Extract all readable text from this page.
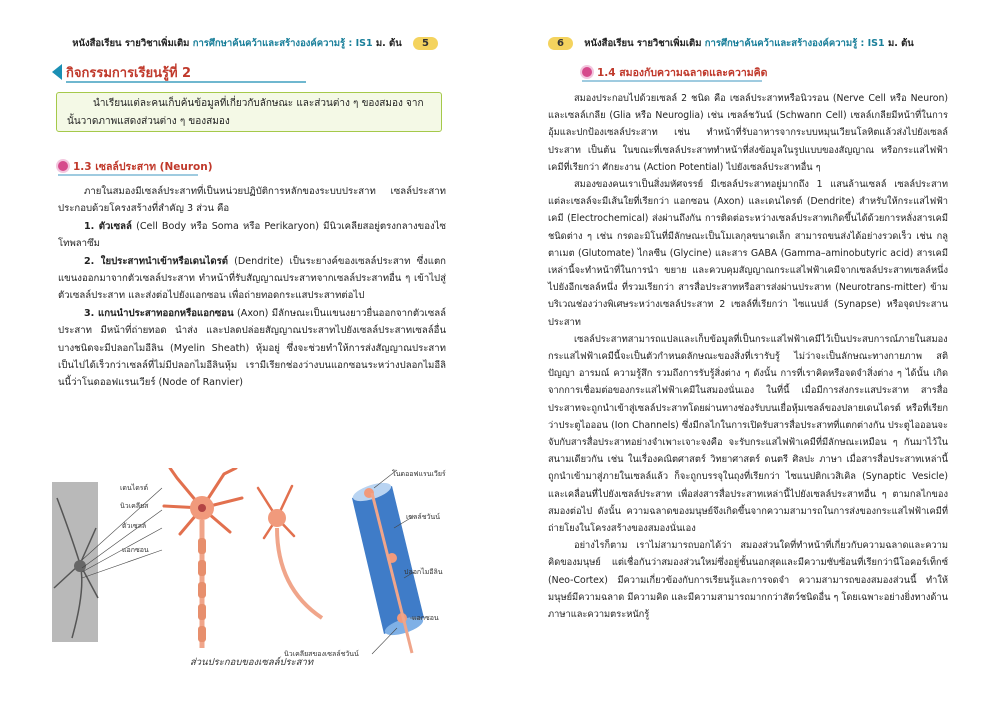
หนังสือเรียน รายวิชาเพิ่มเติม การศึกษาค้นคว้าและสร้างองค์ความรู้ : IS1 ม. ต้น 5
กิจกรรมการเรียนรู้ที่ 2

นำเรียนแต่ละคนเก็บค้นข้อมูลที่เกี่ยวกับลักษณะ และส่วนต่าง ๆ ของสมอง จากนั้นวาดภาพแสดงส่วนต่าง ๆ ของสมอง

1.3 เซลล์ประสาท (Neuron)

ภายในสมองมีเซลล์ประสาทที่เป็นหน่วยปฏิบัติการหลักของระบบประสาท เซลล์ประสาทประกอบด้วยโครงสร้างที่สำคัญ 3 ส่วน คือ

1. ตัวเซลล์ (Cell Body หรือ Soma หรือ Perikaryon) มีนิวเคลียสอยู่ตรงกลางของไซโทพลาซึม

2. ใยประสาทนำเข้าหรือเดนไดรต์ (Dendrite) เป็นระยางค์ของเซลล์ประสาท ซึ่งแตกแขนงออกมาจากตัวเซลล์ประสาท ทำหน้าที่รับสัญญาณประสาทจากเซลล์ประสาทอื่น ๆ เข้าไปสู่ตัวเซลล์ประสาท และส่งต่อไปยังแอกซอน เพื่อถ่ายทอดกระแสประสาทต่อไป

3. แกนนำประสาทออกหรือแอกซอน (Axon) มีลักษณะเป็นแขนงยาวยื่นออกจากตัวเซลล์ประสาท มีหน้าที่ถ่ายทอด นำส่ง และปลดปล่อยสัญญาณประสาทไปยังเซลล์ประสาทเซลล์อื่น บางชนิดจะมีปลอกไมอีลิน (Myelin Sheath) หุ้มอยู่ ซึ่งจะช่วยทำให้การส่งสัญญาณประสาทเป็นไปได้เร็วกว่าเซลล์ที่ไม่มีปลอกไมอีลินหุ้ม เรามีเรียกช่องว่างบนแอกซอนระหว่างปลอกไมอีลินนี้ว่าโนดออฟแรนเวียร์ (Node of Ranvier)

เดนไดรต์
นิวเคลียส
ตัวเซลล์
แอกซอน
โนดออฟแรนเวียร์
เซลล์ชวันน์
ปลอกไมอีลิน
แอกซอน
นิวเคลียสของเซลล์ชวันน์
ส่วนประกอบของเซลล์ประสาท
6 หนังสือเรียน รายวิชาเพิ่มเติม การศึกษาค้นคว้าและสร้างองค์ความรู้ : IS1 ม. ต้น
1.4 สมองกับความฉลาดและความคิด

สมองประกอบไปด้วยเซลล์ 2 ชนิด คือ เซลล์ประสาทหรือนิวรอน (Nerve Cell หรือ Neuron) และเซลล์เกลีย (Glia หรือ Neuroglia) เช่น เซลล์ชวันน์ (Schwann Cell) เซลล์เกลียมีหน้าที่ในการอุ้มและปกป้องเซลล์ประสาท เช่น ทำหน้าที่รับอาหารจากระบบหมุนเวียนโลหิตแล้วส่งไปยังเซลล์ประสาท เป็นต้น ในขณะที่เซลล์ประสาททำหน้าที่ส่งข้อมูลในรูปแบบของสัญญาณ หรือกระแสไฟฟ้าเคมีที่เรียกว่า ศักยะงาน (Action Potential) ไปยังเซลล์ประสาทอื่น ๆ

สมองของคนเราเป็นสิ่งมหัศจรรย์ มีเซลล์ประสาทอยู่มากถึง 1 แสนล้านเซลล์ เซลล์ประสาทแต่ละเซลล์จะมีเส้นใยที่เรียกว่า แอกซอน (Axon) และเดนไดรต์ (Dendrite) สำหรับให้กระแสไฟฟ้าเคมี (Electrochemical) ส่งผ่านถึงกัน การติดต่อระหว่างเซลล์ประสาทเกิดขึ้นได้ด้วยการหลั่งสารเคมีชนิดต่าง ๆ เช่น กรดอะมิโนที่มีลักษณะเป็นโมเลกุลขนาดเล็ก สามารถขนส่งได้อย่างรวดเร็ว เช่น กลูตาเมต (Glutomate) ไกลซีน (Glycine) และสาร GABA (Gamma–aminobutyric acid) สารเคมีเหล่านี้จะทำหน้าที่ในการนำ ขยาย และควบคุมสัญญาณกระแสไฟฟ้าเคมีจากเซลล์ประสาทเซลล์หนึ่งไปยังอีกเซลล์หนึ่ง ที่รวมเรียกว่า สารสื่อประสาทหรือสารส่งผ่านประสาท (Neurotrans-mitter) ข้ามบริเวณช่องว่างพิเศษระหว่างเซลล์ประสาท 2 เซลล์ที่เรียกว่า ไซแนปส์ (Synapse) หรือจุดประสานประสาท

เซลล์ประสาทสามารถแปลและเก็บข้อมูลที่เป็นกระแสไฟฟ้าเคมีไว้เป็นประสบการณ์ภายในสมอง กระแสไฟฟ้าเคมีนี้จะเป็นตัวกำหนดลักษณะของสิ่งที่เรารับรู้ ไม่ว่าจะเป็นลักษณะทางกายภาพ สติปัญญา อารมณ์ ความรู้สึก รวมถึงการรับรู้สิ่งต่าง ๆ ดังนั้น การที่เราคิดหรือจดจำสิ่งต่าง ๆ ได้นั้น เกิดจากการเชื่อมต่อของกระแสไฟฟ้าเคมีในสมองนั่นเอง ในที่นี้ เมื่อมีการส่งกระแสประสาท สารสื่อประสาทจะถูกนำเข้าสู่เซลล์ประสาทโดยผ่านทางช่องรับบนเยื่อหุ้มเซลล์ของปลายเดนไดรต์ หรือที่เรียกว่าประตูไอออน (Ion Channels) ซึ่งมีกลไกในการเปิดรับสารสื่อประสาทที่แตกต่างกัน ประตูไอออนจะจับกับสารสื่อประสาทอย่างจำเพาะเจาะจงคือ จะรับกระแสไฟฟ้าเคมีที่มีลักษณะเหมือน ๆ กันมาไว้ในสนามเดียวกัน เช่น ในเรื่องคณิตศาสตร์ วิทยาศาสตร์ ดนตรี ศิลปะ ภาษา เมื่อสารสื่อประสาทเหล่านี้ถูกนำเข้ามาสู่ภายในเซลล์แล้ว ก็จะถูกบรรจุในถุงที่เรียกว่า ไซแนปติกเวสิเคิล (Synaptic Vesicle) และเคลื่อนที่ไปยังเซลล์ประสาท เพื่อส่งสารสื่อประสาทเหล่านี้ไปยังเซลล์ประสาทอื่น ๆ ตามกลไกของสมองต่อไป ดังนั้น ความฉลาดของมนุษย์จึงเกิดขึ้นจากความสามารถในการส่งของกระแสไฟฟ้าเคมีที่ถ่ายโยงในโครงสร้างของสมองนั่นเอง

อย่างไรก็ตาม เราไม่สามารถบอกได้ว่า สมองส่วนใดที่ทำหน้าที่เกี่ยวกับความฉลาดและความคิดของมนุษย์ แต่เชื่อกันว่าสมองส่วนใหม่ซึ่งอยู่ชั้นนอกสุดและมีความซับซ้อนที่เรียกว่านีโอคอร์เท็กซ์ (Neo-Cortex) มีความเกี่ยวข้องกับการเรียนรู้และการจดจำ ความสามารถของสมองส่วนนี้ ทำให้มนุษย์มีความฉลาด มีความคิด และมีความสามารถมากกว่าสัตว์ชนิดอื่น ๆ โดยเฉพาะอย่างยิ่งทางด้านภาษาและความตระหนักรู้
